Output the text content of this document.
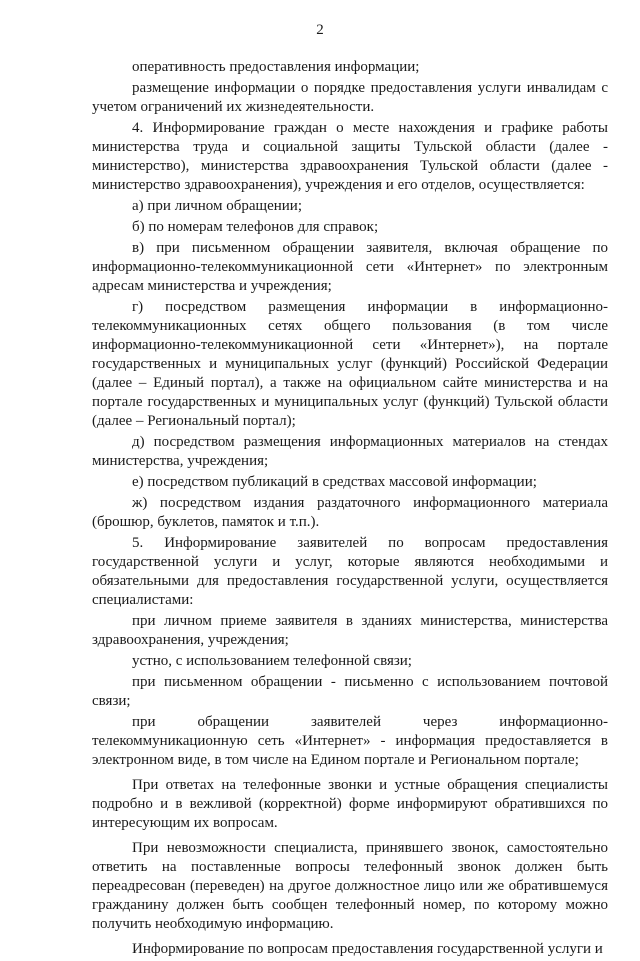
2

оперативность предоставления информации;

размещение информации о порядке предоставления услуги инвалидам с учетом ограничений их жизнедеятельности.

4. Информирование граждан о месте нахождения и графике работы министерства труда и социальной защиты Тульской области (далее - министерство), министерства здравоохранения Тульской области (далее - министерство здравоохранения), учреждения и его отделов, осуществляется:

а) при личном обращении;

б) по номерам телефонов для справок;

в) при письменном обращении заявителя, включая обращение по информационно-телекоммуникационной сети «Интернет» по электронным адресам министерства и учреждения;

г) посредством размещения информации в информационно-телекоммуникационных сетях общего пользования (в том числе информационно-телекоммуникационной сети «Интернет»), на портале государственных и муниципальных услуг (функций) Российской Федерации (далее – Единый портал), а также на официальном сайте министерства и на портале государственных и муниципальных услуг (функций) Тульской области (далее – Региональный портал);

д) посредством размещения информационных материалов на стендах министерства, учреждения;

е) посредством публикаций в средствах массовой информации;

ж) посредством издания раздаточного информационного материала (брошюр, буклетов, памяток и т.п.).

5. Информирование заявителей по вопросам предоставления государственной услуги и услуг, которые являются необходимыми и обязательными для предоставления государственной услуги, осуществляется специалистами:

при личном приеме заявителя в зданиях министерства, министерства здравоохранения, учреждения;

устно, с использованием телефонной связи;

при письменном обращении - письменно с использованием почтовой связи;

при обращении заявителей через информационно-телекоммуникационную сеть «Интернет» - информация предоставляется в электронном виде, в том числе на Едином портале и Региональном портале;

При ответах на телефонные звонки и устные обращения специалисты подробно и в вежливой (корректной) форме информируют обратившихся по интересующим их вопросам.

При невозможности специалиста, принявшего звонок, самостоятельно ответить на поставленные вопросы телефонный звонок должен быть переадресован (переведен) на другое должностное лицо или же обратившемуся гражданину должен быть сообщен телефонный номер, по которому можно получить необходимую информацию.

Информирование по вопросам предоставления государственной услуги и
